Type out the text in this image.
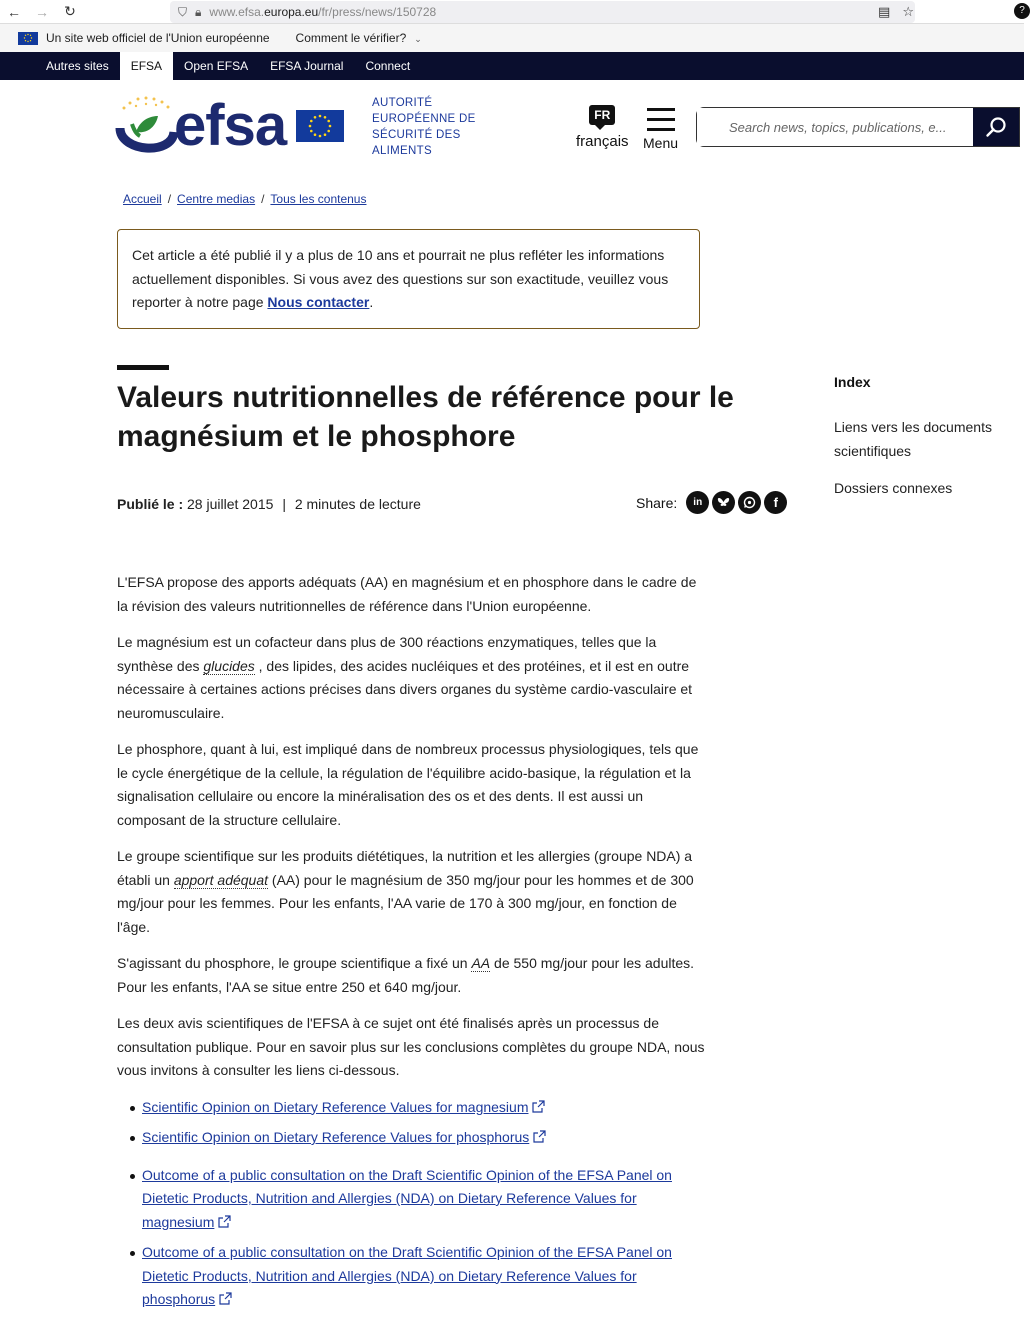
←	→	↻	⛉ 🔒︎ www.efsa. europa.eu /fr/press/news/150728	▤ ☆	?
Un site web officiel de l'Union européenne Comment le vérifier? ⌄
Autres sites	EFSA	Open EFSA	EFSA Journal	Connect
efsa	AUTORITÉ
EUROPÉENNE DE
SÉCURITÉ DES
ALIMENTS
FR
français Menu
Search news, topics, publications, e...
Accueil / Centre medias / Tous les contenus
Cet article a été publié il y a plus de 10 ans et pourrait ne plus refléter les informations actuellement disponibles. Si vous avez des questions sur son exactitude, veuillez vous reporter à notre page Nous contacter.
Valeurs nutritionnelles de référence pour le magnésium et le phosphore
Publié le : 28 juillet 2015 | 2 minutes de lecture	Share:	in	f
Index
Liens vers les documents scientifiques
Dossiers connexes

L'EFSA propose des apports adéquats (AA) en magnésium et en phosphore dans le cadre de la révision des valeurs nutritionnelles de référence dans l'Union européenne.

Le magnésium est un cofacteur dans plus de 300 réactions enzymatiques, telles que la synthèse des glucides , des lipides, des acides nucléiques et des protéines, et il est en outre nécessaire à certaines actions précises dans divers organes du système cardio-vasculaire et neuromusculaire.

Le phosphore, quant à lui, est impliqué dans de nombreux processus physiologiques, tels que le cycle énergétique de la cellule, la régulation de l'équilibre acido-basique, la régulation et la signalisation cellulaire ou encore la minéralisation des os et des dents. Il est aussi un composant de la structure cellulaire.

Le groupe scientifique sur les produits diététiques, la nutrition et les allergies (groupe NDA) a établi un apport adéquat (AA) pour le magnésium de 350 mg/jour pour les hommes et de 300 mg/jour pour les femmes. Pour les enfants, l'AA varie de 170 à 300 mg/jour, en fonction de l'âge.

S'agissant du phosphore, le groupe scientifique a fixé un AA de 550 mg/jour pour les adultes. Pour les enfants, l'AA se situe entre 250 et 640 mg/jour.

Les deux avis scientifiques de l'EFSA à ce sujet ont été finalisés après un processus de consultation publique. Pour en savoir plus sur les conclusions complètes du groupe NDA, nous vous invitons à consulter les liens ci-dessous.

Scientific Opinion on Dietary Reference Values for magnesium
Scientific Opinion on Dietary Reference Values for phosphorus
Outcome of a public consultation on the Draft Scientific Opinion of the EFSA Panel on Dietetic Products, Nutrition and Allergies (NDA) on Dietary Reference Values for magnesium
Outcome of a public consultation on the Draft Scientific Opinion of the EFSA Panel on Dietetic Products, Nutrition and Allergies (NDA) on Dietary Reference Values for phosphorus
